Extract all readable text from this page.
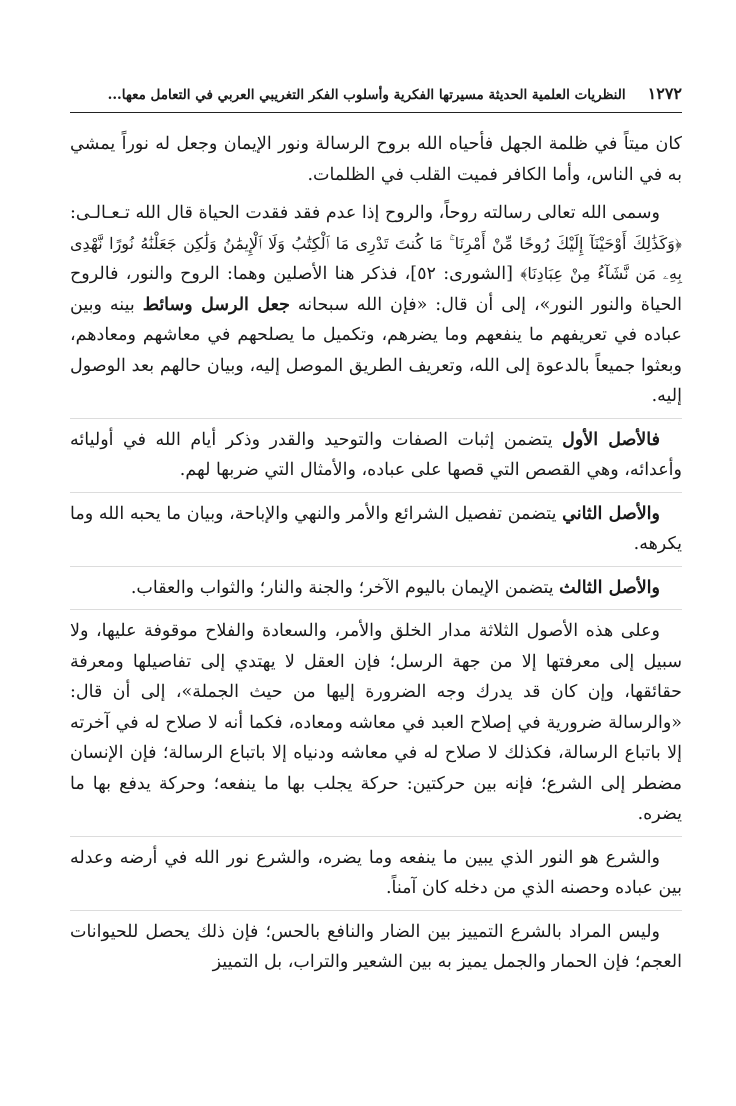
١٢٧٢
النظريات العلمية الحديثة مسيرتها الفكرية وأسلوب الفكر التغريبي العربي في التعامل معها...

كان ميتاً في ظلمة الجهل فأحياه الله بروح الرسالة ونور الإيمان وجعل له نوراً يمشي به في الناس، وأما الكافر فميت القلب في الظلمات.

وسمى الله تعالى رسالته روحاً، والروح إذا عدم فقد فقدت الحياة قال الله تـعـالـى: ﴿وَكَذَٰلِكَ أَوْحَيْنَآ إِلَيْكَ رُوحًا مِّنْ أَمْرِنَا ۚ مَا كُنتَ تَدْرِى مَا ٱلْكِتَٰبُ وَلَا ٱلْإِيمَٰنُ وَلَٰكِن جَعَلْنَٰهُ نُورًا نَّهْدِى بِهِۦ مَن نَّشَآءُ مِنْ عِبَادِنَا﴾ [الشورى: ٥٢]، فذكر هنا الأصلين وهما: الروح والنور، فالروح الحياة والنور النور»، إلى أن قال: «فإن الله سبحانه جعل الرسل وسائط بينه وبين عباده في تعريفهم ما ينفعهم وما يضرهم، وتكميل ما يصلحهم في معاشهم ومعادهم، وبعثوا جميعاً بالدعوة إلى الله، وتعريف الطريق الموصل إليه، وبيان حالهم بعد الوصول إليه.

فالأصل الأول يتضمن إثبات الصفات والتوحيد والقدر وذكر أيام الله في أوليائه وأعدائه، وهي القصص التي قصها على عباده، والأمثال التي ضربها لهم.

والأصل الثاني يتضمن تفصيل الشرائع والأمر والنهي والإباحة، وبيان ما يحبه الله وما يكرهه.

والأصل الثالث يتضمن الإيمان باليوم الآخر؛ والجنة والنار؛ والثواب والعقاب.

وعلى هذه الأصول الثلاثة مدار الخلق والأمر، والسعادة والفلاح موقوفة عليها، ولا سبيل إلى معرفتها إلا من جهة الرسل؛ فإن العقل لا يهتدي إلى تفاصيلها ومعرفة حقائقها، وإن كان قد يدرك وجه الضرورة إليها من حيث الجملة»، إلى أن قال: «والرسالة ضرورية في إصلاح العبد في معاشه ومعاده، فكما أنه لا صلاح له في آخرته إلا باتباع الرسالة، فكذلك لا صلاح له في معاشه ودنياه إلا باتباع الرسالة؛ فإن الإنسان مضطر إلى الشرع؛ فإنه بين حركتين: حركة يجلب بها ما ينفعه؛ وحركة يدفع بها ما يضره.

والشرع هو النور الذي يبين ما ينفعه وما يضره، والشرع نور الله في أرضه وعدله بين عباده وحصنه الذي من دخله كان آمناً.

وليس المراد بالشرع التمييز بين الضار والنافع بالحس؛ فإن ذلك يحصل للحيوانات العجم؛ فإن الحمار والجمل يميز به بين الشعير والتراب، بل التمييز
